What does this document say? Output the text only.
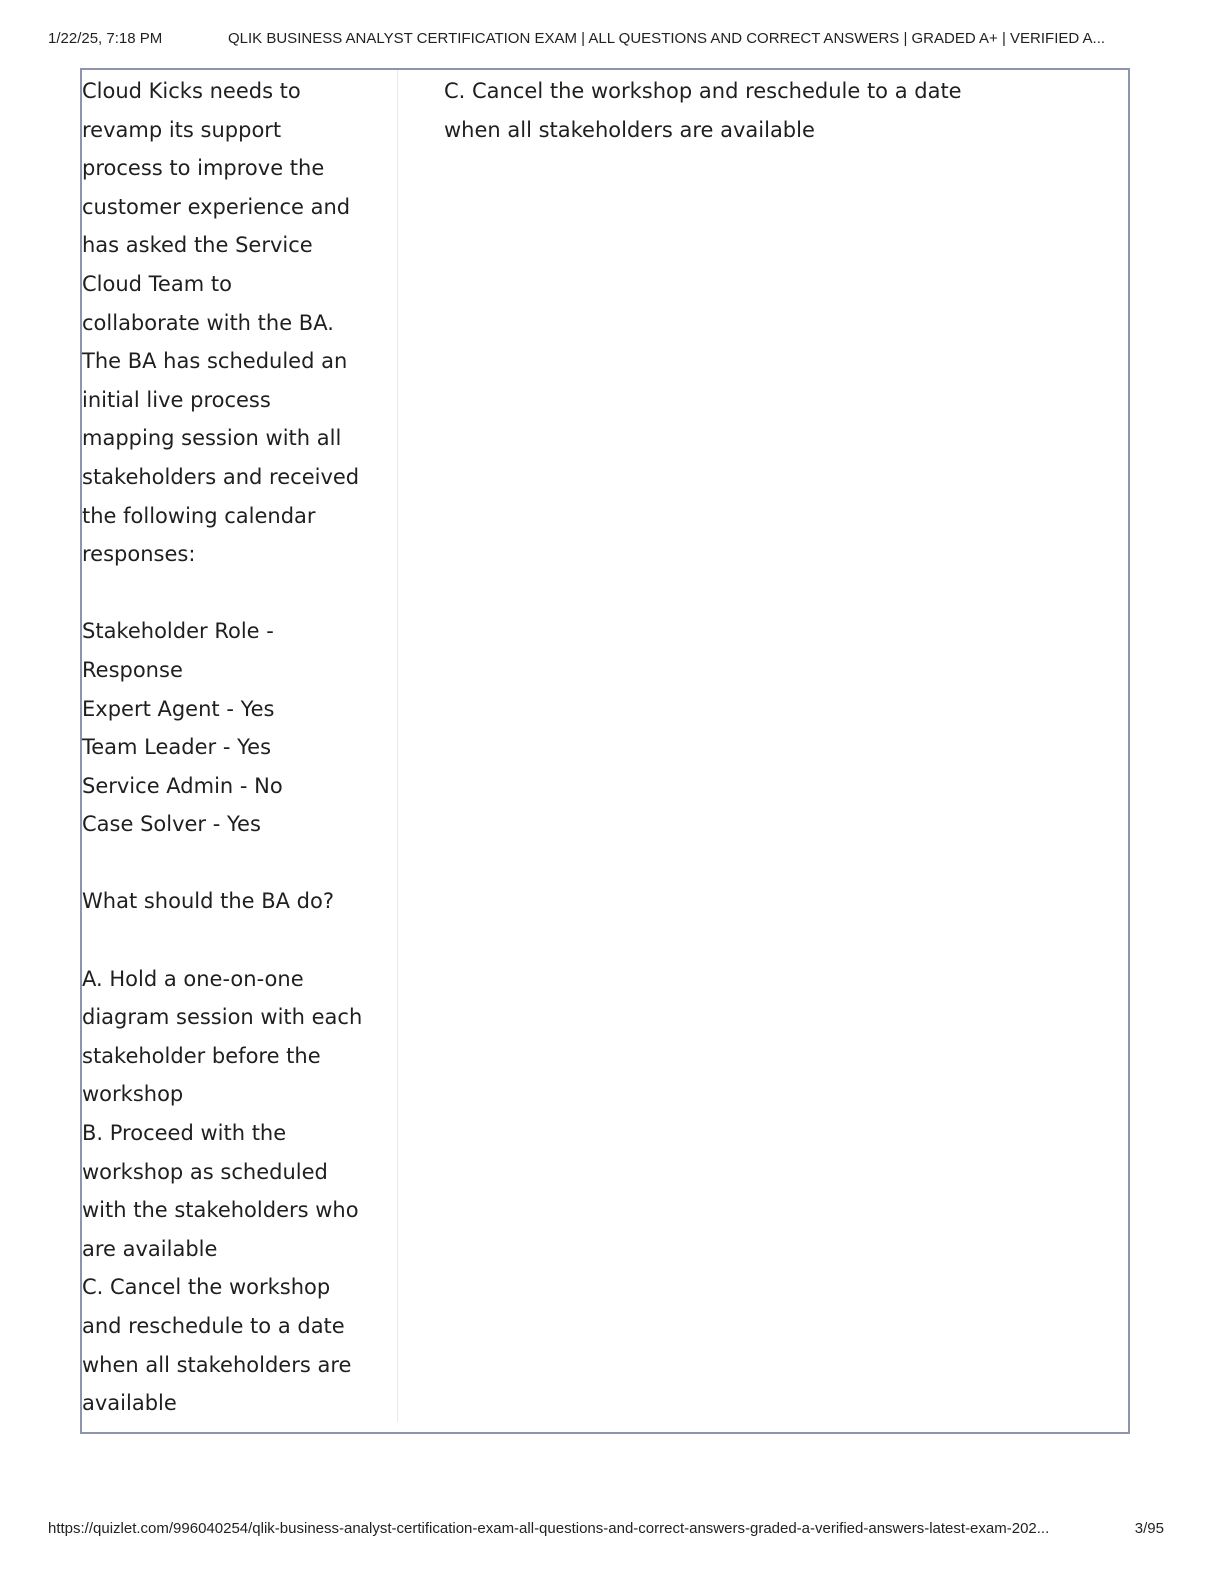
1/22/25, 7:18 PM	QLIK BUSINESS ANALYST CERTIFICATION EXAM | ALL QUESTIONS AND CORRECT ANSWERS | GRADED A+ | VERIFIED A...
Cloud Kicks needs to
revamp its support
process to improve the
customer experience and
has asked the Service
Cloud Team to
collaborate with the BA.
The BA has scheduled an
initial live process
mapping session with all
stakeholders and received
the following calendar
responses:

Stakeholder Role -
Response
Expert Agent - Yes
Team Leader - Yes
Service Admin - No
Case Solver - Yes

What should the BA do?

A. Hold a one-on-one
diagram session with each
stakeholder before the
workshop
B. Proceed with the
workshop as scheduled
with the stakeholders who
are available
C. Cancel the workshop
and reschedule to a date
when all stakeholders are
available
C. Cancel the workshop and reschedule to a date
when all stakeholders are available
https://quizlet.com/996040254/qlik-business-analyst-certification-exam-all-questions-and-correct-answers-graded-a-verified-answers-latest-exam-202...	3/95
